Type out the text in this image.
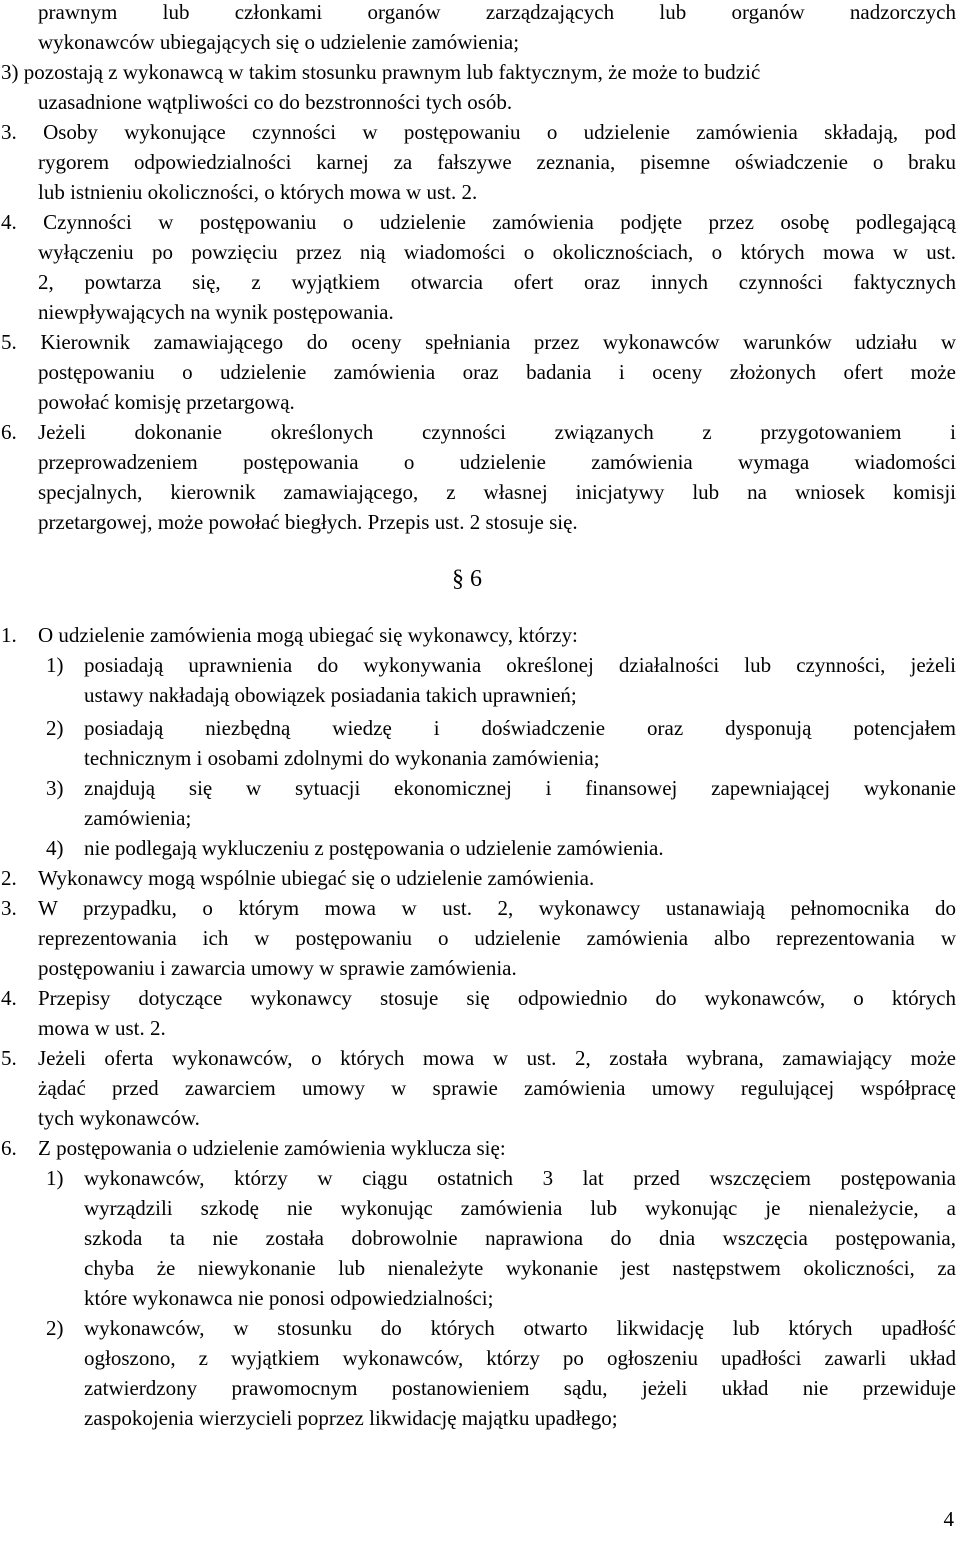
prawnym lub członkami organów zarządzających lub organów nadzorczych
wykonawców ubiegających się o udzielenie zamówienia;
3) pozostają z wykonawcą w takim stosunku prawnym lub faktycznym, że może to budzić
uzasadnione wątpliwości co do bezstronności tych osób.
3. Osoby wykonujące czynności w postępowaniu o udzielenie zamówienia składają, pod
rygorem odpowiedzialności karnej za fałszywe zeznania, pisemne oświadczenie o braku
lub istnieniu okoliczności, o których mowa w ust. 2.
4. Czynności w postępowaniu o udzielenie zamówienia podjęte przez osobę podlegającą
wyłączeniu po powzięciu przez nią wiadomości o okolicznościach, o których mowa w ust.
2, powtarza się, z wyjątkiem otwarcia ofert oraz innych czynności faktycznych
niewpływających na wynik postępowania.
5. Kierownik zamawiającego do oceny spełniania przez wykonawców warunków udziału w
postępowaniu o udzielenie zamówienia oraz badania i oceny złożonych ofert może
powołać komisję przetargową.
6. Jeżeli dokonanie określonych czynności związanych z przygotowaniem i
przeprowadzeniem postępowania o udzielenie zamówienia wymaga wiadomości
specjalnych, kierownik zamawiającego, z własnej inicjatywy lub na wniosek komisji
przetargowej, może powołać biegłych. Przepis ust. 2 stosuje się.
§ 6
1. O udzielenie zamówienia mogą ubiegać się wykonawcy, którzy:
1) posiadają uprawnienia do wykonywania określonej działalności lub czynności, jeżeli
ustawy nakładają obowiązek posiadania takich uprawnień;
2) posiadają niezbędną wiedzę i doświadczenie oraz dysponują potencjałem
technicznym i osobami zdolnymi do wykonania zamówienia;
3) znajdują się w sytuacji ekonomicznej i finansowej zapewniającej wykonanie
zamówienia;
4) nie podlegają wykluczeniu z postępowania o udzielenie zamówienia.
2. Wykonawcy mogą wspólnie ubiegać się o udzielenie zamówienia.
3. W przypadku, o którym mowa w ust. 2, wykonawcy ustanawiają pełnomocnika do
reprezentowania ich w postępowaniu o udzielenie zamówienia albo reprezentowania w
postępowaniu i zawarcia umowy w sprawie zamówienia.
4. Przepisy dotyczące wykonawcy stosuje się odpowiednio do wykonawców, o których
mowa w ust. 2.
5. Jeżeli oferta wykonawców, o których mowa w ust. 2, została wybrana, zamawiający może
żądać przed zawarciem umowy w sprawie zamówienia umowy regulującej współpracę
tych wykonawców.
6. Z postępowania o udzielenie zamówienia wyklucza się:
1) wykonawców, którzy w ciągu ostatnich 3 lat przed wszczęciem postępowania
wyrządzili szkodę nie wykonując zamówienia lub wykonując je nienależycie, a
szkoda ta nie została dobrowolnie naprawiona do dnia wszczęcia postępowania,
chyba że niewykonanie lub nienależyte wykonanie jest następstwem okoliczności, za
które wykonawca nie ponosi odpowiedzialności;
2) wykonawców, w stosunku do których otwarto likwidację lub których upadłość
ogłoszono, z wyjątkiem wykonawców, którzy po ogłoszeniu upadłości zawarli układ
zatwierdzony prawomocnym postanowieniem sądu, jeżeli układ nie przewiduje
zaspokojenia wierzycieli poprzez likwidację majątku upadłego;
4
